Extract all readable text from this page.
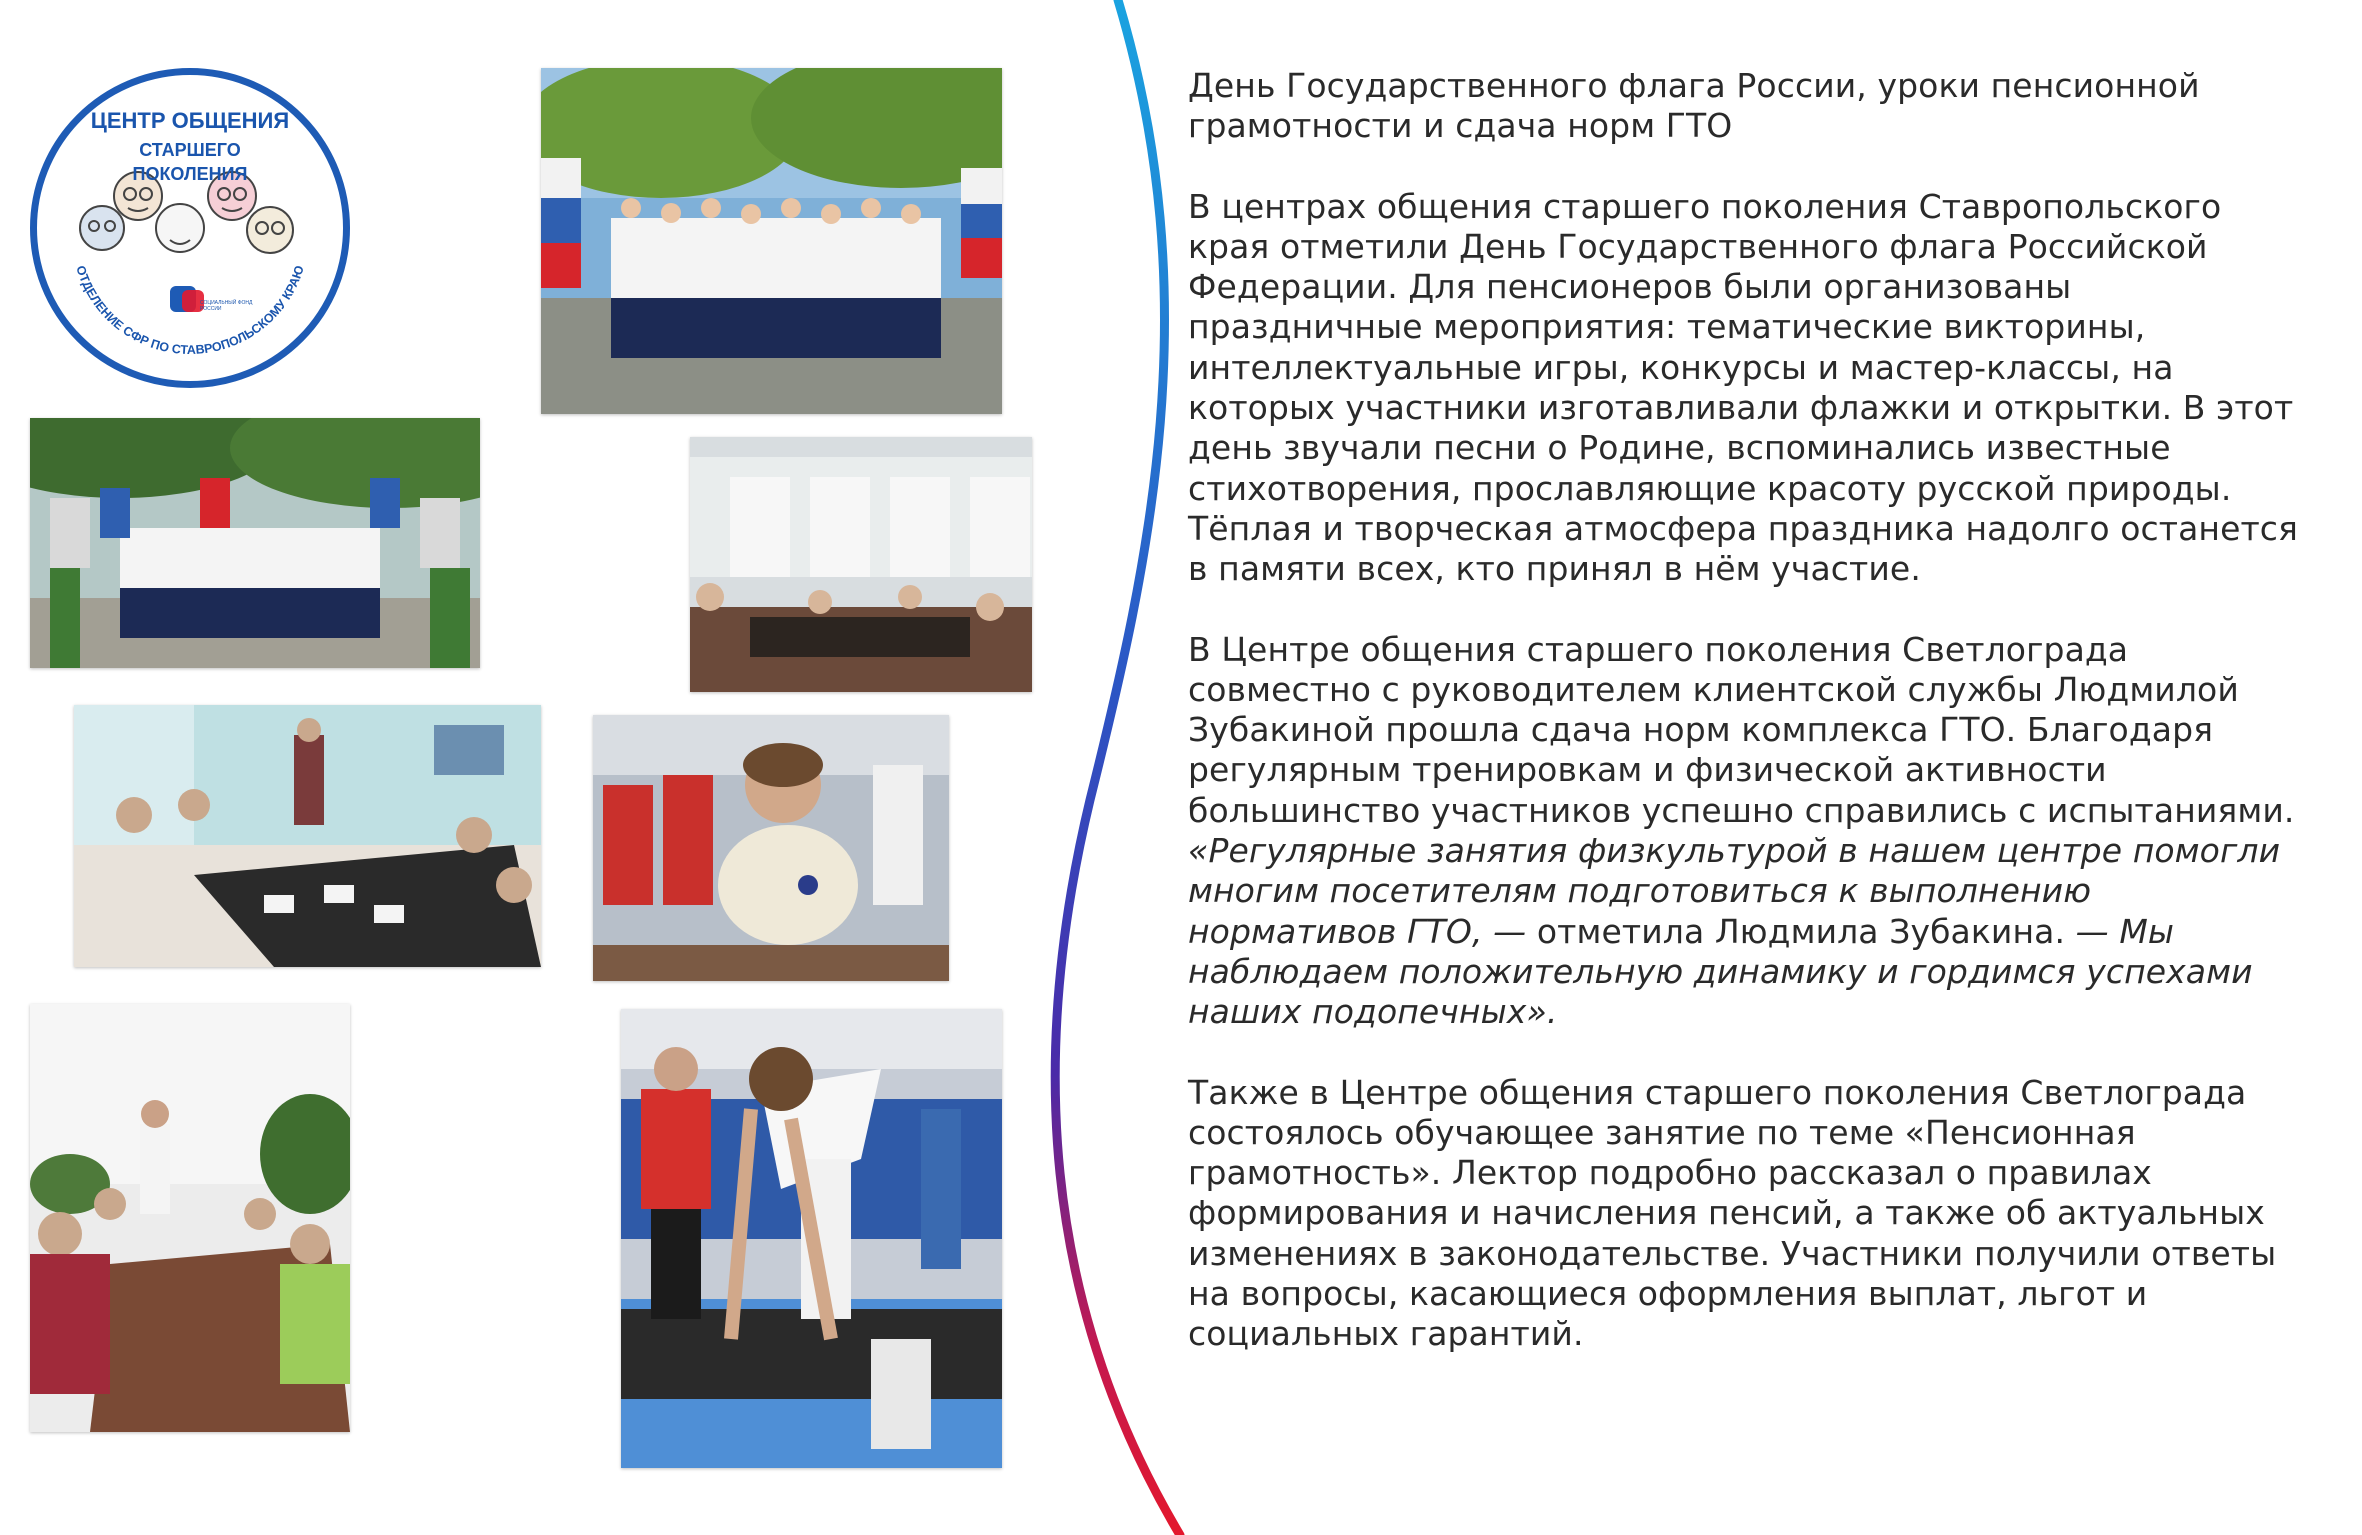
ОТДЕЛЕНИЕ СФР ПО СТАВРОПОЛЬСКОМУ КРАЮ
ЦЕНТР ОБЩЕНИЯ
СТАРШЕГО
ПОКОЛЕНИЯ
СОЦИАЛЬНЫЙ ФОНД РОССИИ

День Государственного флага России, уроки пенсионной грамотности и сдача норм ГТО

В центрах общения старшего поколения Ставропольского края отметили День Государственного флага Российской Федерации. Для пенсионеров были организованы праздничные мероприятия: тематические викторины, интеллектуальные игры, конкурсы и мастер-классы, на которых участники изготавливали флажки и открытки. В этот день звучали песни о Родине, вспоминались известные стихотворения, прославляющие красоту русской природы. Тёплая и творческая атмосфера праздника надолго останется в памяти всех, кто принял в нём участие.

В Центре общения старшего поколения Светлограда совместно с руководителем клиентской службы Людмилой Зубакиной прошла сдача норм комплекса ГТО. Благодаря регулярным тренировкам и физической активности большинство участников успешно справились с испытаниями. «Регулярные занятия физкультурой в нашем центре помогли многим посетителям подготовиться к выполнению нормативов ГТО, — отметила Людмила Зубакина. — Мы наблюдаем положительную динамику и гордимся успехами наших подопечных».

Также в Центре общения старшего поколения Светлограда состоялось обучающее занятие по теме «Пенсионная грамотность». Лектор подробно рассказал о правилах формирования и начисления пенсий, а также об актуальных изменениях в законодательстве. Участники получили ответы на вопросы, касающиеся оформления выплат, льгот и социальных гарантий.
